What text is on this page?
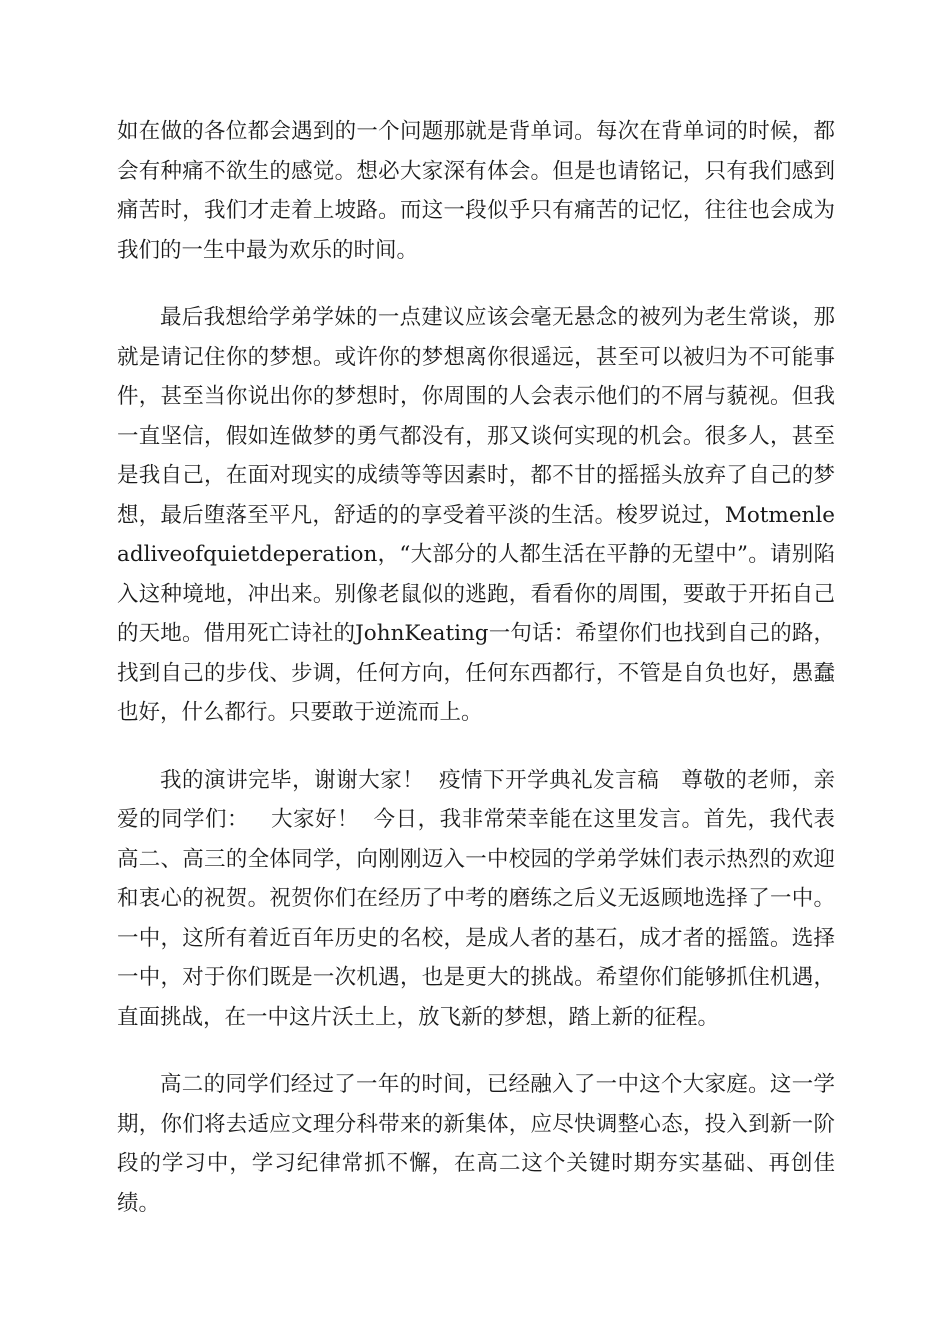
如在做的各位都会遇到的一个问题那就是背单词。每次在背单词的时候，都会有种痛不欲生的感觉。想必大家深有体会。但是也请铭记，只有我们感到痛苦时，我们才走着上坡路。而这一段似乎只有痛苦的记忆，往往也会成为我们的一生中最为欢乐的时间。

最后我想给学弟学妹的一点建议应该会毫无悬念的被列为老生常谈，那就是请记住你的梦想。或许你的梦想离你很遥远，甚至可以被归为不可能事件，甚至当你说出你的梦想时，你周围的人会表示他们的不屑与藐视。但我一直坚信，假如连做梦的勇气都没有，那又谈何实现的机会。很多人，甚至是我自己，在面对现实的成绩等等因素时，都不甘的摇摇头放弃了自己的梦想，最后堕落至平凡，舒适的的享受着平淡的生活。梭罗说过，Motmenleadliveofquietdeperation，“大部分的人都生活在平静的无望中”。请别陷入这种境地，冲出来。别像老鼠似的逃跑，看看你的周围，要敢于开拓自己的天地。借用死亡诗社的JohnKeating一句话：希望你们也找到自己的路，找到自己的步伐、步调，任何方向，任何东西都行，不管是自负也好，愚蠢也好，什么都行。只要敢于逆流而上。

我的演讲完毕，谢谢大家！  疫情下开学典礼发言稿   尊敬的老师，亲爱的同学们：   大家好！  今日，我非常荣幸能在这里发言。首先，我代表高二、高三的全体同学，向刚刚迈入一中校园的学弟学妹们表示热烈的欢迎和衷心的祝贺。祝贺你们在经历了中考的磨练之后义无返顾地选择了一中。一中，这所有着近百年历史的名校，是成人者的基石，成才者的摇篮。选择一中，对于你们既是一次机遇，也是更大的挑战。希望你们能够抓住机遇，直面挑战，在一中这片沃土上，放飞新的梦想，踏上新的征程。

高二的同学们经过了一年的时间，已经融入了一中这个大家庭。这一学期，你们将去适应文理分科带来的新集体，应尽快调整心态，投入到新一阶段的学习中，学习纪律常抓不懈，在高二这个关键时期夯实基础、再创佳绩。
